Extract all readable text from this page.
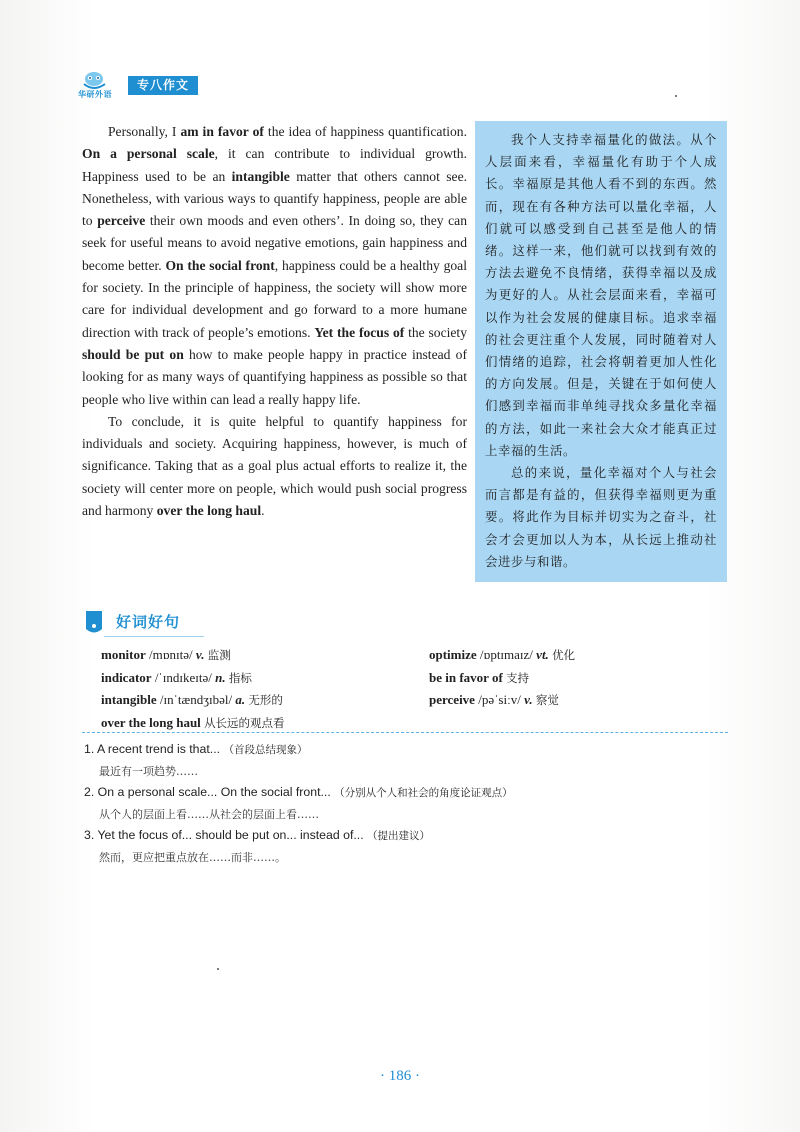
华研外语
专八作文

Personally, I am in favor of the idea of happiness quantification. On a personal scale, it can contribute to individual growth. Happiness used to be an intangible matter that others cannot see. Nonetheless, with various ways to quantify happiness, people are able to perceive their own moods and even others’. In doing so, they can seek for useful means to avoid negative emotions, gain happiness and become better. On the social front, happiness could be a healthy goal for society. In the principle of happiness, the society will show more care for individual development and go forward to a more humane direction with track of people’s emotions. Yet the focus of the society should be put on how to make people happy in practice instead of looking for as many ways of quantifying happiness as possible so that people who live within can lead a really happy life.

To conclude, it is quite helpful to quantify happiness for individuals and society. Acquiring happiness, however, is much of significance. Taking that as a goal plus actual efforts to realize it, the society will center more on people, which would push social progress and harmony over the long haul.

我个人支持幸福量化的做法。从个人层面来看，幸福量化有助于个人成长。幸福原是其他人看不到的东西。然而，现在有各种方法可以量化幸福，人们就可以感受到自己甚至是他人的情绪。这样一来，他们就可以找到有效的方法去避免不良情绪，获得幸福以及成为更好的人。从社会层面来看，幸福可以作为社会发展的健康目标。追求幸福的社会更注重个人发展，同时随着对人们情绪的追踪，社会将朝着更加人性化的方向发展。但是，关键在于如何使人们感到幸福而非单纯寻找众多量化幸福的方法，如此一来社会大众才能真正过上幸福的生活。

总的来说，量化幸福对个人与社会而言都是有益的，但获得幸福则更为重要。将此作为目标并切实为之奋斗，社会才会更加以人为本，从长远上推动社会进步与和谐。

好词好句
monitor /mɒnɪtə/ v. 监测
indicator /ˈɪndɪkeɪtə/ n. 指标
intangible /ɪnˈtændʒɪbəl/ a. 无形的
over the long haul 从长远的观点看
optimize /ɒptɪmaɪz/ vt. 优化
be in favor of 支持
perceive /pəˈsiːv/ v. 察觉
1. A recent trend is that... （首段总结现象）
最近有一项趋势……
2. On a personal scale... On the social front... （分别从个人和社会的角度论证观点）
从个人的层面上看……从社会的层面上看……
3. Yet the focus of... should be put on... instead of... （提出建议）
然而，更应把重点放在……而非……。
· 186 ·
